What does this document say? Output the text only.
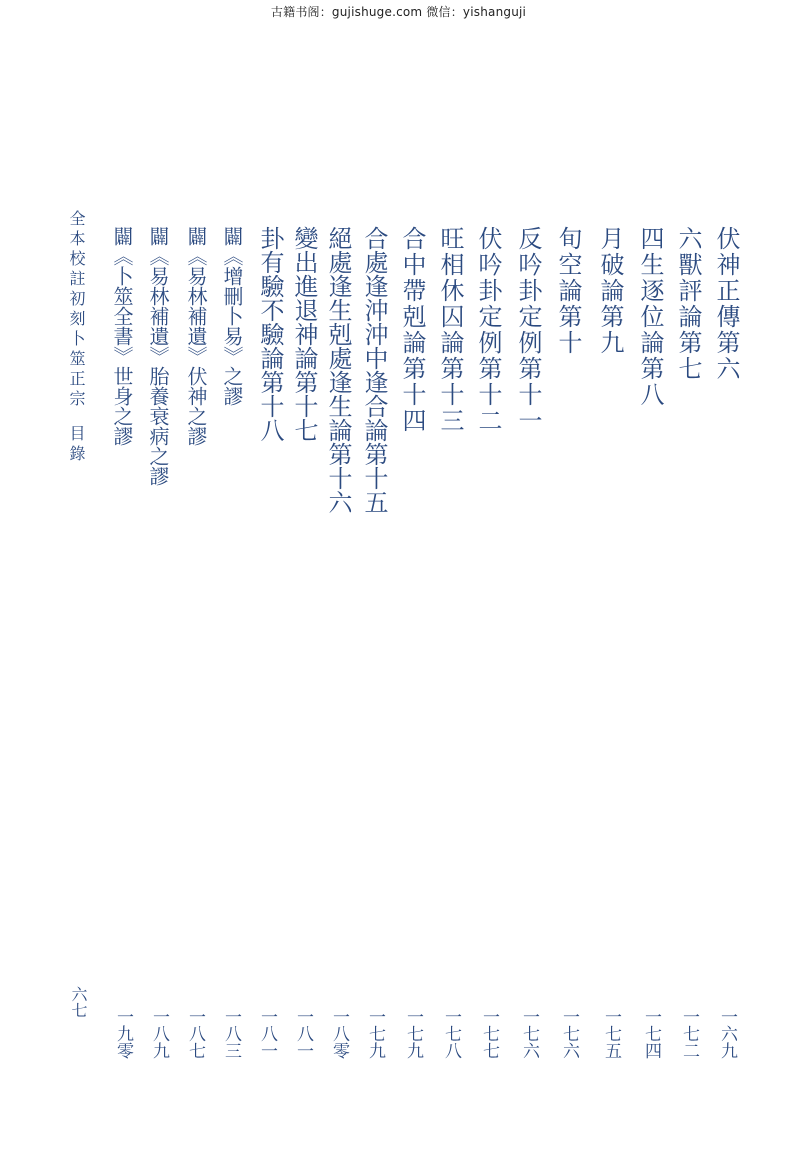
古籍书阁：gujishuge.com 微信：yishanguji
伏神正傳第六
一六九
六獸評論第七
一七二
四生逐位論第八
一七四
月破論第九
一七五
旬空論第十
一七六
反吟卦定例第十一
一七六
伏吟卦定例第十二
一七七
旺相休囚論第十三
一七八
合中帶剋論第十四
一七九
合處逢沖沖中逢合論第十五
一七九
絕處逢生剋處逢生論第十六
一八零
變出進退神論第十七
一八一
卦有驗不驗論第十八
一八一
闢《增刪卜易》之謬
一八三
闢《易林補遺》伏神之謬
一八七
闢《易林補遺》胎養衰病之謬
一八九
闢《卜筮全書》世身之謬
一九零
全本校註初刻卜筮正宗
目錄
六七
